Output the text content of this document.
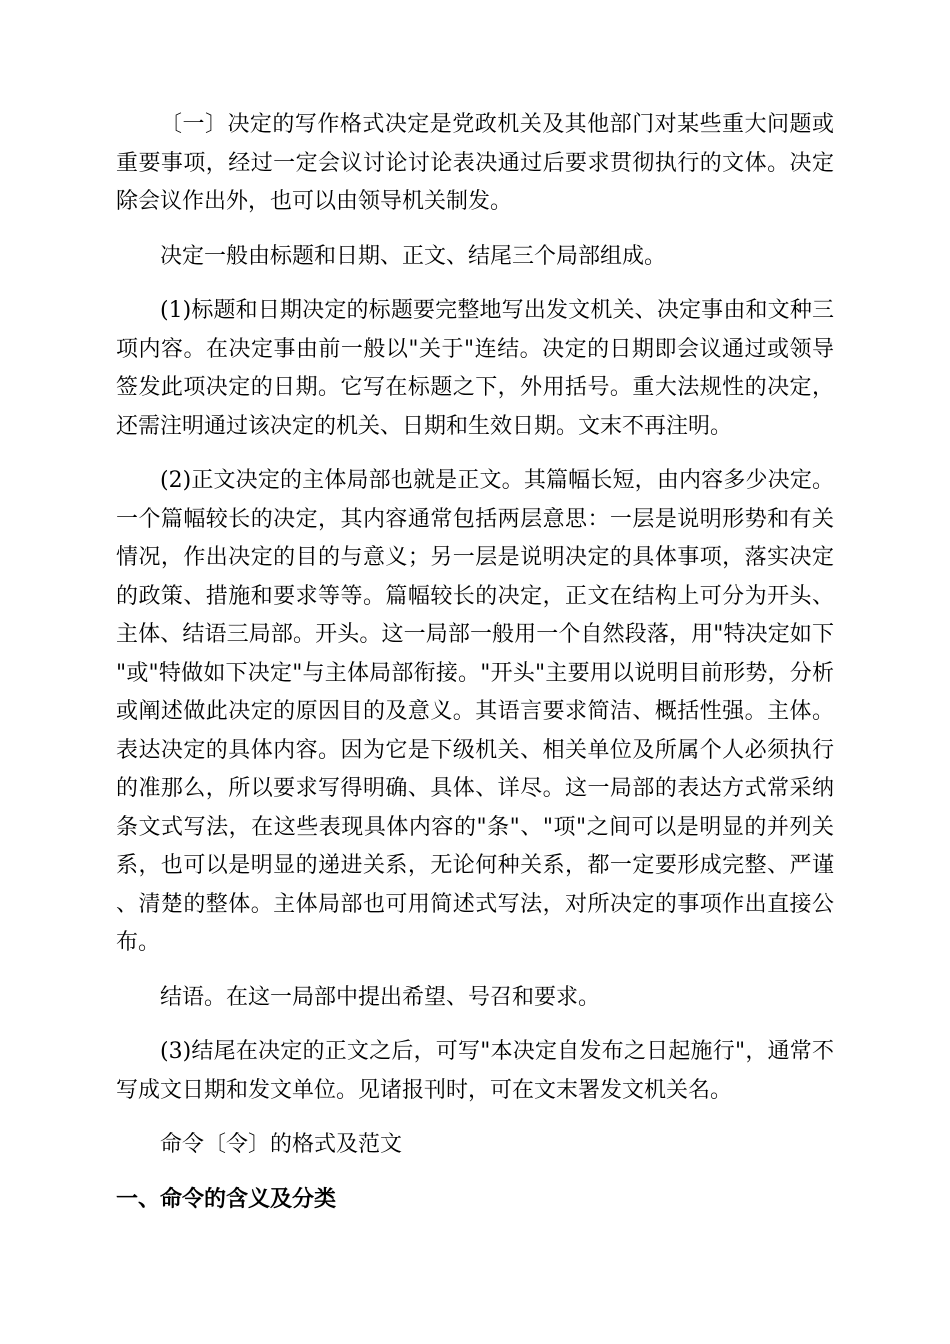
〔一〕决定的写作格式决定是党政机关及其他部门对某些重大问题或重要事项，经过一定会议讨论讨论表决通过后要求贯彻执行的文体。决定除会议作出外，也可以由领导机关制发。

决定一般由标题和日期、正文、结尾三个局部组成。

(1)标题和日期决定的标题要完整地写出发文机关、决定事由和文种三项内容。在决定事由前一般以"关于"连结。决定的日期即会议通过或领导签发此项决定的日期。它写在标题之下，外用括号。重大法规性的决定，还需注明通过该决定的机关、日期和生效日期。文末不再注明。

(2)正文决定的主体局部也就是正文。其篇幅长短，由内容多少决定。一个篇幅较长的决定，其内容通常包括两层意思：一层是说明形势和有关情况，作出决定的目的与意义；另一层是说明决定的具体事项，落实决定的政策、措施和要求等等。篇幅较长的决定，正文在结构上可分为开头、主体、结语三局部。开头。这一局部一般用一个自然段落，用"特决定如下"或"特做如下决定"与主体局部衔接。"开头"主要用以说明目前形势，分析或阐述做此决定的原因目的及意义。其语言要求简洁、概括性强。主体。表达决定的具体内容。因为它是下级机关、相关单位及所属个人必须执行的准那么，所以要求写得明确、具体、详尽。这一局部的表达方式常采纳条文式写法，在这些表现具体内容的"条"、"项"之间可以是明显的并列关系，也可以是明显的递进关系，无论何种关系，都一定要形成完整、严谨、清楚的整体。主体局部也可用简述式写法，对所决定的事项作出直接公布。

结语。在这一局部中提出希望、号召和要求。

(3)结尾在决定的正文之后，可写"本决定自发布之日起施行"，通常不写成文日期和发文单位。见诸报刊时，可在文末署发文机关名。

命令〔令〕的格式及范文

一、命令的含义及分类
